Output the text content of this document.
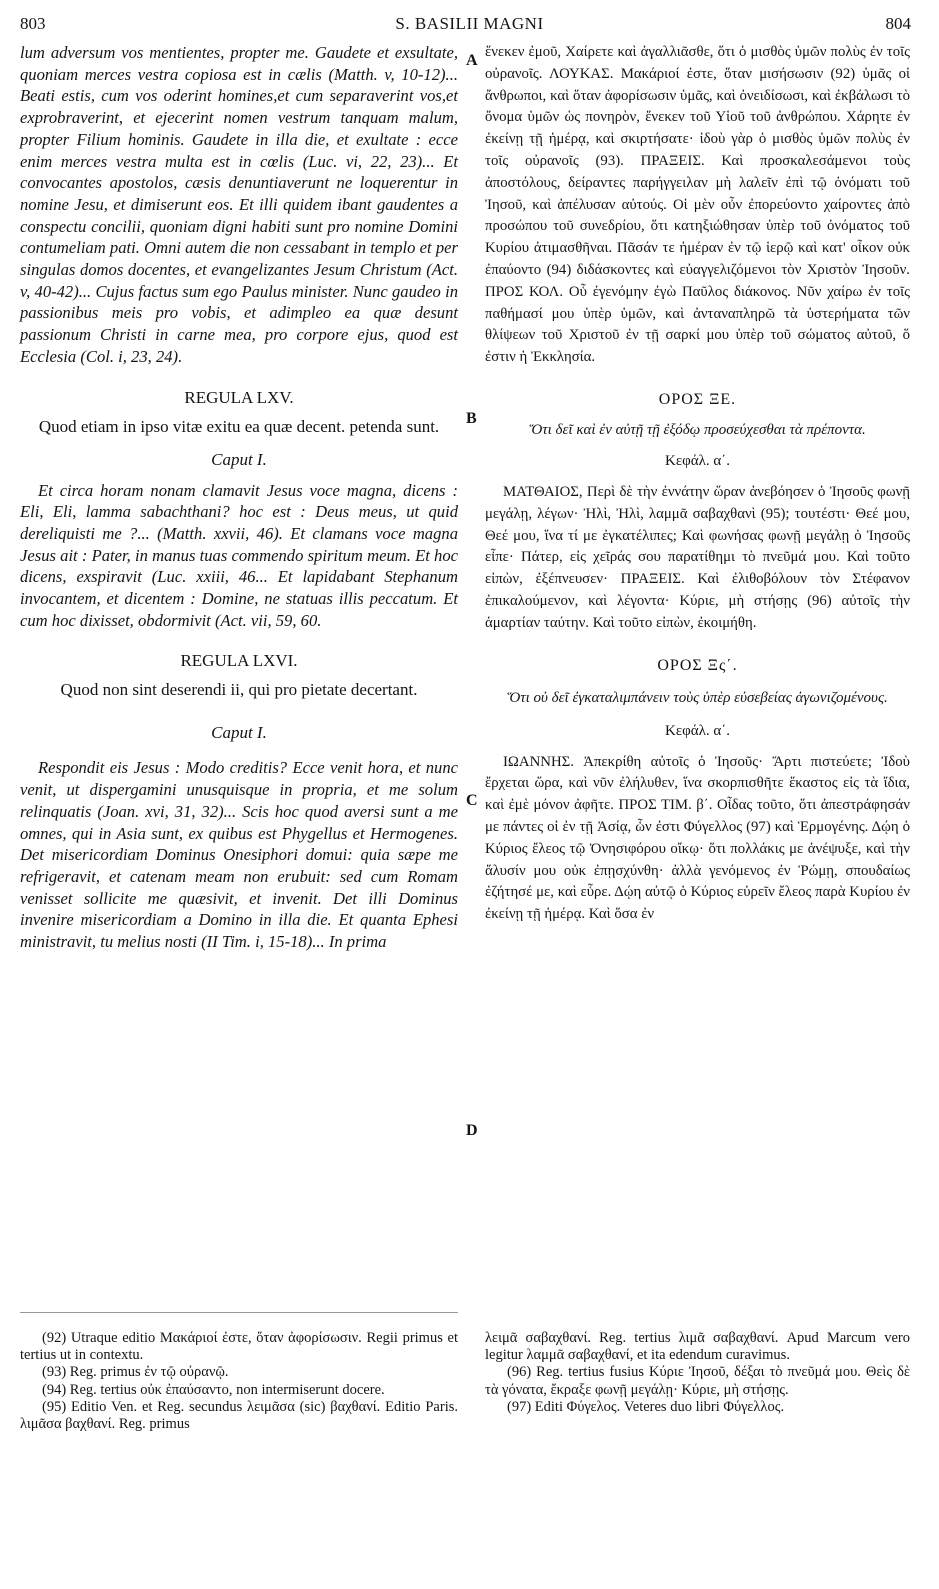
803	S. BASILII MAGNI	804

lum adversum vos mentientes, propter me. Gaudete et exsultate, quoniam merces vestra copiosa est in cælis (Matth. v, 10-12)... Beati estis, cum vos oderint homines,et cum separaverint vos,et exprobraverint, et ejecerint nomen vestrum tanquam malum, propter Filium hominis. Gaudete in illa die, et exultate : ecce enim merces vestra multa est in cœlis (Luc. vi, 22, 23)... Et convocantes apostolos, cæsis denuntiaverunt ne loquerentur in nomine Jesu, et dimiserunt eos. Et illi quidem ibant gaudentes a conspectu concilii, quoniam digni habiti sunt pro nomine Domini contumeliam pati. Omni autem die non cessabant in templo et per singulas domos docentes, et evangelizantes Jesum Christum (Act. v, 40-42)... Cujus factus sum ego Paulus minister. Nunc gaudeo in passionibus meis pro vobis, et adimpleo ea quæ desunt passionum Christi in carne mea, pro corpore ejus, quod est Ecclesia (Col. i, 23, 24).

REGULA LXV.

Quod etiam in ipso vitæ exitu ea quæ decent. petenda sunt.

Caput I.

Et circa horam nonam clamavit Jesus voce magna, dicens : Eli, Eli, lamma sabachthani? hoc est : Deus meus, ut quid dereliquisti me ?... (Matth. xxvii, 46). Et clamans voce magna Jesus ait : Pater, in manus tuas commendo spiritum meum. Et hoc dicens, exspiravit (Luc. xxiii, 46... Et lapidabant Stephanum invocantem, et dicentem : Domine, ne statuas illis peccatum. Et cum hoc dixisset, obdormivit (Act. vii, 59, 60.

REGULA LXVI.

Quod non sint deserendi ii, qui pro pietate decertant.

Caput I.

Respondit eis Jesus : Modo creditis? Ecce venit hora, et nunc venit, ut dispergamini unusquisque in propria, et me solum relinquatis (Joan. xvi, 31, 32)... Scis hoc quod aversi sunt a me omnes, qui in Asia sunt, ex quibus est Phygellus et Hermogenes. Det misericordiam Dominus Onesiphori domui: quia sæpe me refrigeravit, et catenam meam non erubuit: sed cum Romam venisset sollicite me quæsivit, et invenit. Det illi Dominus invenire misericordiam a Domino in illa die. Et quanta Ephesi ministravit, tu melius nosti (II Tim. i, 15-18)... In prima

A
B
C
D

ἕνεκεν ἐμοῦ, Χαίρετε καὶ ἀγαλλιᾶσθε, ὅτι ὁ μισθὸς ὑμῶν πολὺς ἐν τοῖς οὐρανοῖς. ΛΟΥΚΑΣ. Μακάριοί ἐστε, ὅταν μισήσωσιν (92) ὑμᾶς οἱ ἄνθρωποι, καὶ ὅταν ἀφορίσωσιν ὑμᾶς, καὶ ὀνειδίσωσι, καὶ ἐκβάλωσι τὸ ὄνομα ὑμῶν ὡς πονηρὸν, ἕνεκεν τοῦ Υἱοῦ τοῦ ἀνθρώπου. Χάρητε ἐν ἐκείνῃ τῇ ἡμέρᾳ, καὶ σκιρτήσατε· ἰδοὺ γὰρ ὁ μισθὸς ὑμῶν πολὺς ἐν τοῖς οὐρανοῖς (93). ΠΡΑΞΕΙΣ. Καὶ προσκαλεσάμενοι τοὺς ἀποστόλους, δείραντες παρήγγειλαν μὴ λαλεῖν ἐπὶ τῷ ὀνόματι τοῦ Ἰησοῦ, καὶ ἀπέλυσαν αὐτούς. Οἱ μὲν οὖν ἐπορεύοντο χαίροντες ἀπὸ προσώπου τοῦ συνεδρίου, ὅτι κατηξιώθησαν ὑπὲρ τοῦ ὀνόματος τοῦ Κυρίου ἀτιμασθῆναι. Πᾶσάν τε ἡμέραν ἐν τῷ ἱερῷ καὶ κατ' οἶκον οὐκ ἐπαύοντο (94) διδάσκοντες καὶ εὐαγγελιζόμενοι τὸν Χριστὸν Ἰησοῦν. ΠΡΟΣ ΚΟΛ. Οὗ ἐγενόμην ἐγὼ Παῦλος διάκονος. Νῦν χαίρω ἐν τοῖς παθήμασί μου ὑπὲρ ὑμῶν, καὶ ἀνταναπληρῶ τὰ ὑστερήματα τῶν θλίψεων τοῦ Χριστοῦ ἐν τῇ σαρκί μου ὑπὲρ τοῦ σώματος αὐτοῦ, ὅ ἐστιν ἡ Ἐκκλησία.

ΟΡΟΣ ΞΕ.

Ὅτι δεῖ καὶ ἐν αὐτῇ τῇ ἐξόδῳ προσεύχεσθαι τὰ πρέποντα.

Κεφάλ. α΄.

ΜΑΤΘΑΙΟΣ, Περὶ δὲ τὴν ἐννάτην ὥραν ἀνεβόησεν ὁ Ἰησοῦς φωνῇ μεγάλῃ, λέγων· Ἠλὶ, Ἠλὶ, λαμμᾶ σαβαχθανὶ (95); τουτέστι· Θεέ μου, Θεέ μου, ἵνα τί με ἐγκατέλιπες; Καὶ φωνήσας φωνῇ μεγάλῃ ὁ Ἰησοῦς εἶπε· Πάτερ, εἰς χεῖράς σου παρατίθημι τὸ πνεῦμά μου. Καὶ τοῦτο εἰπὼν, ἐξέπνευσεν· ΠΡΑΞΕΙΣ. Καὶ ἐλιθοβόλουν τὸν Στέφανον ἐπικαλούμενον, καὶ λέγοντα· Κύριε, μὴ στήσῃς (96) αὐτοῖς τὴν ἁμαρτίαν ταύτην. Καὶ τοῦτο εἰπὼν, ἐκοιμήθη.

ΟΡΟΣ Ξς΄.

Ὅτι οὐ δεῖ ἐγκαταλιμπάνειν τοὺς ὑπὲρ εὐσεβείας ἀγωνιζομένους.

Κεφάλ. α΄.

ΙΩΑΝΝΗΣ. Ἀπεκρίθη αὐτοῖς ὁ Ἰησοῦς· Ἄρτι πιστεύετε; Ἰδοὺ ἔρχεται ὥρα, καὶ νῦν ἐλήλυθεν, ἵνα σκορπισθῆτε ἕκαστος εἰς τὰ ἴδια, καὶ ἐμὲ μόνον ἀφῆτε. ΠΡΟΣ ΤΙΜ. β΄. Οἶδας τοῦτο, ὅτι ἀπεστράφησάν με πάντες οἱ ἐν τῇ Ἀσίᾳ, ὧν ἐστι Φύγελλος (97) καὶ Ἑρμογένης. Δῴη ὁ Κύριος ἔλεος τῷ Ὀνησιφόρου οἴκῳ· ὅτι πολλάκις με ἀνέψυξε, καὶ τὴν ἅλυσίν μου οὐκ ἐπῃσχύνθη· ἀλλὰ γενόμενος ἐν Ῥώμῃ, σπουδαίως ἐζήτησέ με, καὶ εὗρε. Δῴη αὐτῷ ὁ Κύριος εὑρεῖν ἔλεος παρὰ Κυρίου ἐν ἐκείνῃ τῇ ἡμέρᾳ. Καὶ ὅσα ἐν

(92) Utraque editio Μακάριοί ἐστε, ὅταν ἀφορίσωσιν. Regii primus et tertius ut in contextu.

(93) Reg. primus ἐν τῷ οὐρανῷ.

(94) Reg. tertius οὐκ ἐπαύσαντο, non intermiserunt docere.

(95) Editio Ven. et Reg. secundus λειμᾶσα (sic) βαχθανί. Editio Paris. λιμᾶσα βαχθανί. Reg. primus

λειμᾶ σαβαχθανί. Reg. tertius λιμᾶ σαβαχθανί. Apud Marcum vero legitur λαμμᾶ σαβαχθανί, et ita edendum curavimus.

(96) Reg. tertius fusius Κύριε Ἰησοῦ, δέξαι τὸ πνεῦμά μου. Θεὶς δὲ τὰ γόνατα, ἔκραξε φωνῇ μεγάλῃ· Κύριε, μὴ στήσῃς.

(97) Editi Φύγελος. Veteres duo libri Φύγελλος.
